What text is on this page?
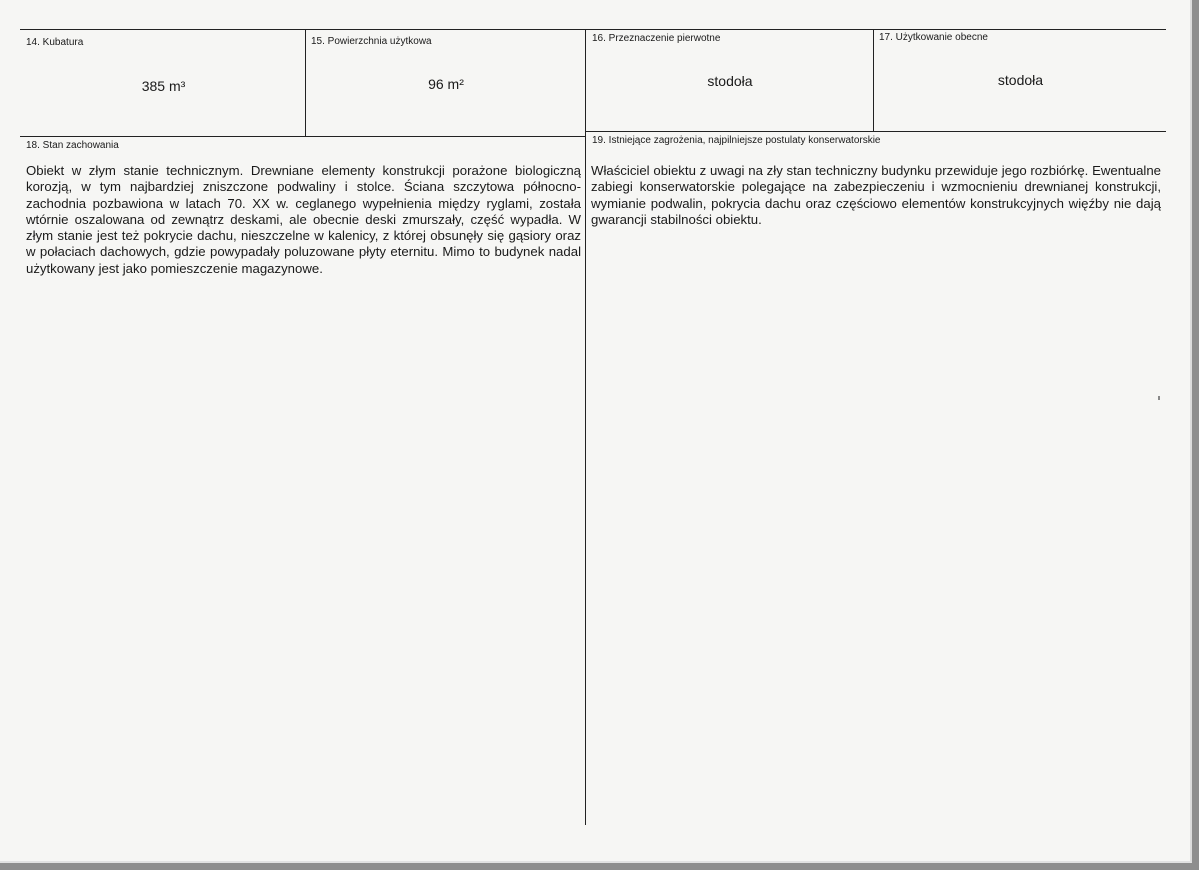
14. Kubatura
385 m³
15. Powierzchnia użytkowa
96 m²
16. Przeznaczenie pierwotne
stodoła
17. Użytkowanie obecne
stodoła
18. Stan zachowania

Obiekt w złym stanie technicznym. Drewniane elementy konstrukcji porażone biologiczną korozją, w tym najbardziej zniszczone podwaliny i stolce. Ściana szczytowa północno-zachodnia pozbawiona w latach 70. XX w. ceglanego wypełnienia między ryglami, została wtórnie oszalowana od zewnątrz deskami, ale obecnie deski zmurszały, część wypadła. W złym stanie jest też pokrycie dachu, nieszczelne w kalenicy, z której obsunęły się gąsiory oraz w połaciach dachowych, gdzie powypadały poluzowane płyty eternitu. Mimo to budynek nadal użytkowany jest jako pomieszczenie magazynowe.

19. Istniejące zagrożenia, najpilniejsze postulaty konserwatorskie

Właściciel obiektu z uwagi na zły stan techniczny budynku przewiduje jego rozbiórkę. Ewentualne zabiegi konserwatorskie polegające na zabezpieczeniu i wzmocnieniu drewnianej konstrukcji, wymianie podwalin, pokrycia dachu oraz częściowo elementów konstrukcyjnych więźby nie dają gwarancji stabilności obiektu.
